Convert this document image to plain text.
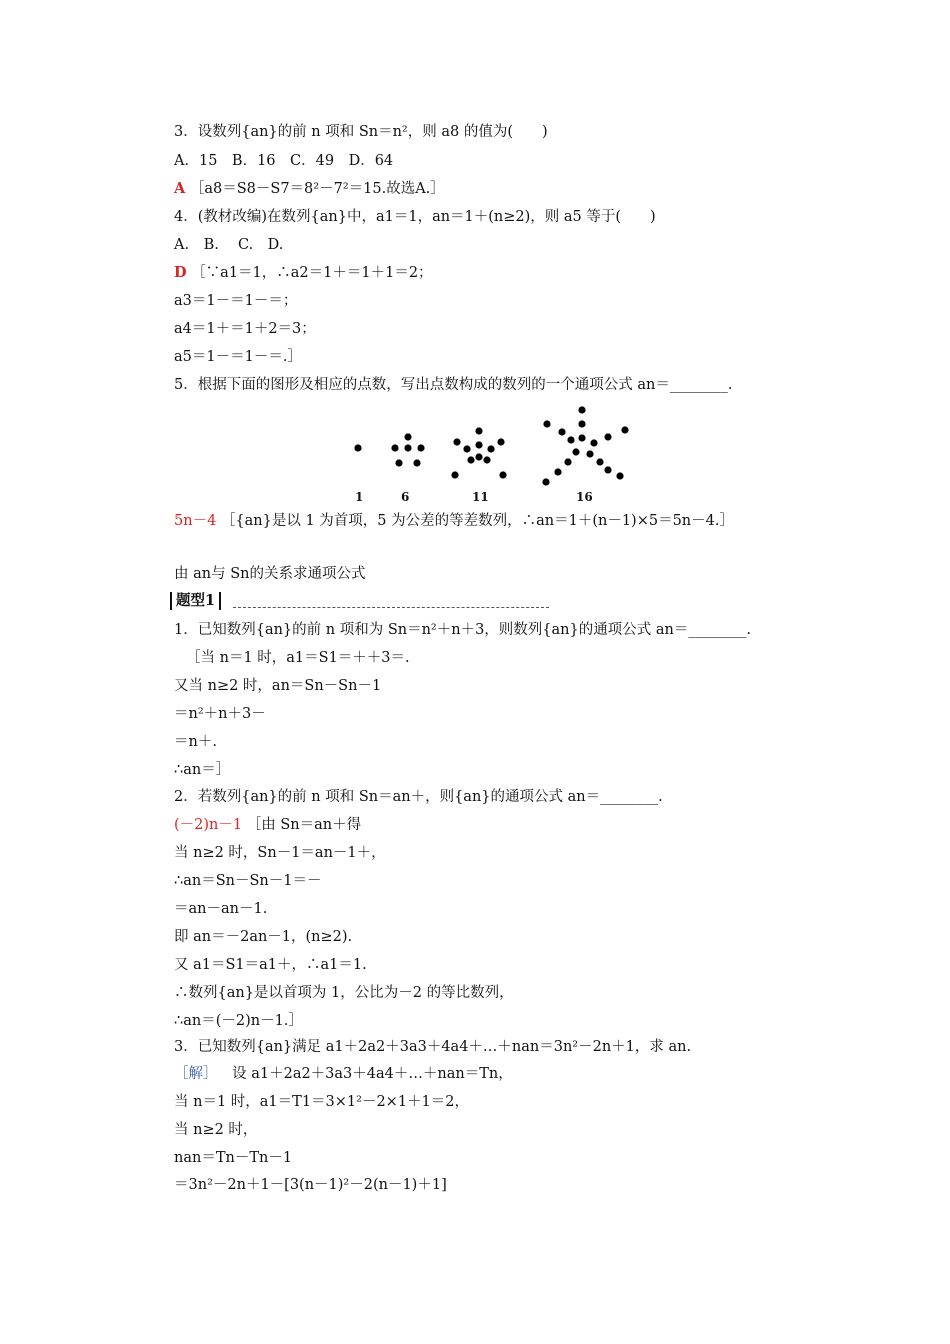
3．设数列{an}的前 n 项和 Sn＝n²，则 a8 的值为(　　)
A．15　B．16　C．49　D．64
A ［a8＝S8－S7＝8²－7²＝15.故选A.］
4．(教材改编)在数列{an}中，a1＝1，an＝1＋(n≥2)，则 a5 等于(　　)
A.　B.　 C.　D.
D ［∵a1＝1，∴a2＝1＋＝1＋1＝2；
a3＝1－＝1－＝；
a4＝1＋＝1＋2＝3；
a5＝1－＝1－＝.］
5．根据下面的图形及相应的点数，写出点数构成的数列的一个通项公式 an＝________.
1	6	11	16
5n－4 ［{an}是以 1 为首项，5 为公差的等差数列，∴an＝1＋(n－1)×5＝5n－4.］
由 an与 Sn的关系求通项公式
题型1
1．已知数列{an}的前 n 项和为 Sn＝n²＋n＋3，则数列{an}的通项公式 an＝________.
［当 n＝1 时，a1＝S1＝＋＋3＝.
又当 n≥2 时，an＝Sn－Sn－1
＝n²＋n＋3－
＝n＋.
∴an＝］
2．若数列{an}的前 n 项和 Sn＝an＋，则{an}的通项公式 an＝________.
(－2)n－1 ［由 Sn＝an＋得
当 n≥2 时，Sn－1＝an－1＋，
∴an＝Sn－Sn－1＝－
＝an－an－1.
即 an＝－2an－1，(n≥2).
又 a1＝S1＝a1＋，∴a1＝1.
∴数列{an}是以首项为 1，公比为－2 的等比数列，
∴an＝(－2)n－1.］
3．已知数列{an}满足 a1＋2a2＋3a3＋4a4＋…＋nan＝3n²－2n＋1，求 an.
［解］ 设 a1＋2a2＋3a3＋4a4＋…＋nan＝Tn，
当 n＝1 时，a1＝T1＝3×1²－2×1＋1＝2，
当 n≥2 时，
nan＝Tn－Tn－1
＝3n²－2n＋1－[3(n－1)²－2(n－1)＋1]
